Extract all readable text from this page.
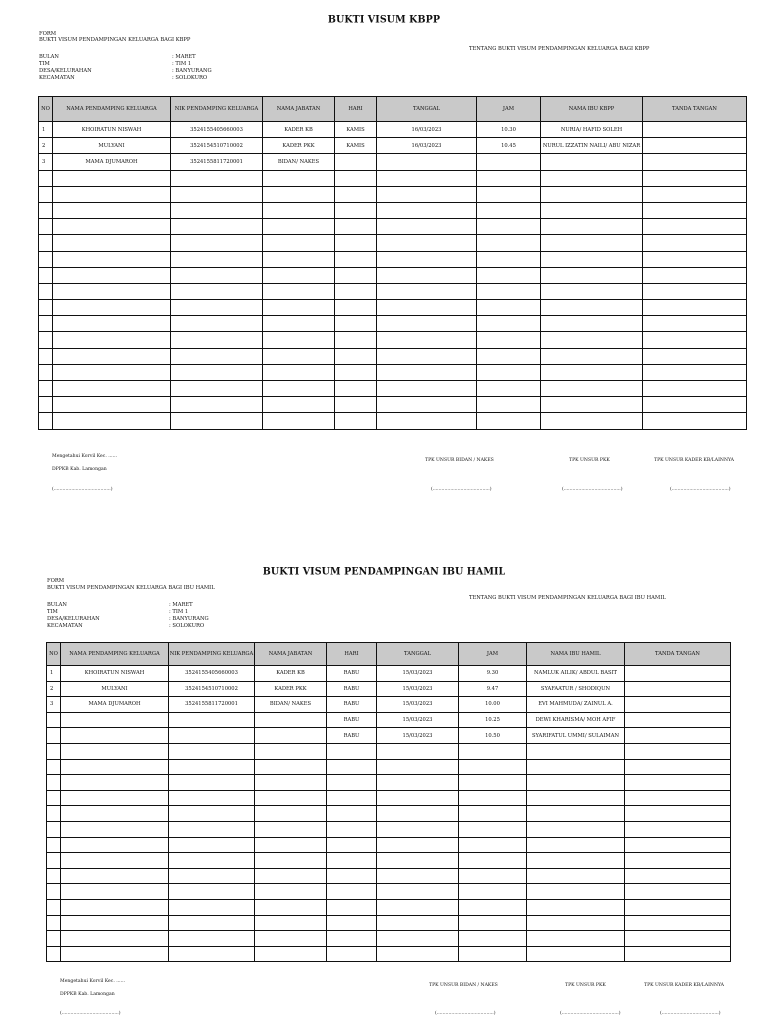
BUKTI VISUM KBPP
FORM
BUKTI VISUM PENDAMPINGAN KELUARGA BAGI KBPP
TENTANG BUKTI VISUM PENDAMPINGAN KELUARGA BAGI KBPP
BULAN	: MARET
TIM	: TIM 1
DESA/KELURAHAN	: BANYURANG
KECAMATAN	: SOLOKURO
NO	NAMA PENDAMPING KELUARGA	NIK PENDAMPING KELUARGA	NAMA JABATAN	HARI	TANGGAL	JAM	NAMA IBU KBPP	TANDA TANGAN
1	KHOIRATUN NISWAH	3524155405660003	KADER KB	KAMIS	16/03/2023	10.30	NURIA/ HAFID SOLEH	
2	MULYANI	3524154510710002	KADER PKK	KAMIS	16/03/2023	10.45	NURUL IZZATIN NAILI/ ABU NIZAR	
3	MAMA DJUMAROH	3524155811720001	BIDAN/ NAKES					

Mengetahui Korvil Kec. ......
DPPKB Kab. Lamongan
(.......................................)
TPK UNSUR BIDAN / NAKES
(.......................................)
TPK UNSUR PKK
(.......................................)
TPK UNSUR KADER KB/LAINNYA
(.......................................)
BUKTI VISUM PENDAMPINGAN IBU HAMIL
FORM
BUKTI VISUM PENDAMPINGAN KELUARGA BAGI IBU HAMIL
TENTANG BUKTI VISUM PENDAMPINGAN KELUARGA BAGI IBU HAMIL
BULAN	: MARET
TIM	: TIM 1
DESA/KELURAHAN	: BANYURANG
KECAMATAN	: SOLOKURO
NO	NAMA PENDAMPING KELUARGA	NIK PENDAMPING KELUARGA	NAMA JABATAN	HARI	TANGGAL	JAM	NAMA IBU HAMIL	TANDA TANGAN
1	KHOIRATUN NISWAH	3524155405660003	KADER KB	RABU	15/03/2023	9.30	NAMLUK AILIK/ ABDUL BASIT	
2	MULYANI	3524154510710002	KADER PKK	RABU	15/03/2023	9.47	SYAFAATUR / SHODIQUN	
3	MAMA DJUMAROH	3524155811720001	BIDAN/ NAKES	RABU	15/03/2023	10.00	EVI MAHMUDA/ ZAINUL A.	
				RABU	15/03/2023	10.25	DEWI KHARISMA/ MOH AFIF	
				RABU	15/03/2023	10.50	SYARIFATUL UMMI/ SULAIMAN	

Mengetahui Korvil Kec. ......
DPPKB Kab. Lamongan
(.......................................)
TPK UNSUR BIDAN / NAKES
(.......................................)
TPK UNSUR PKK
(.......................................)
TPK UNSUR KADER KB/LAINNYA
(.......................................)
